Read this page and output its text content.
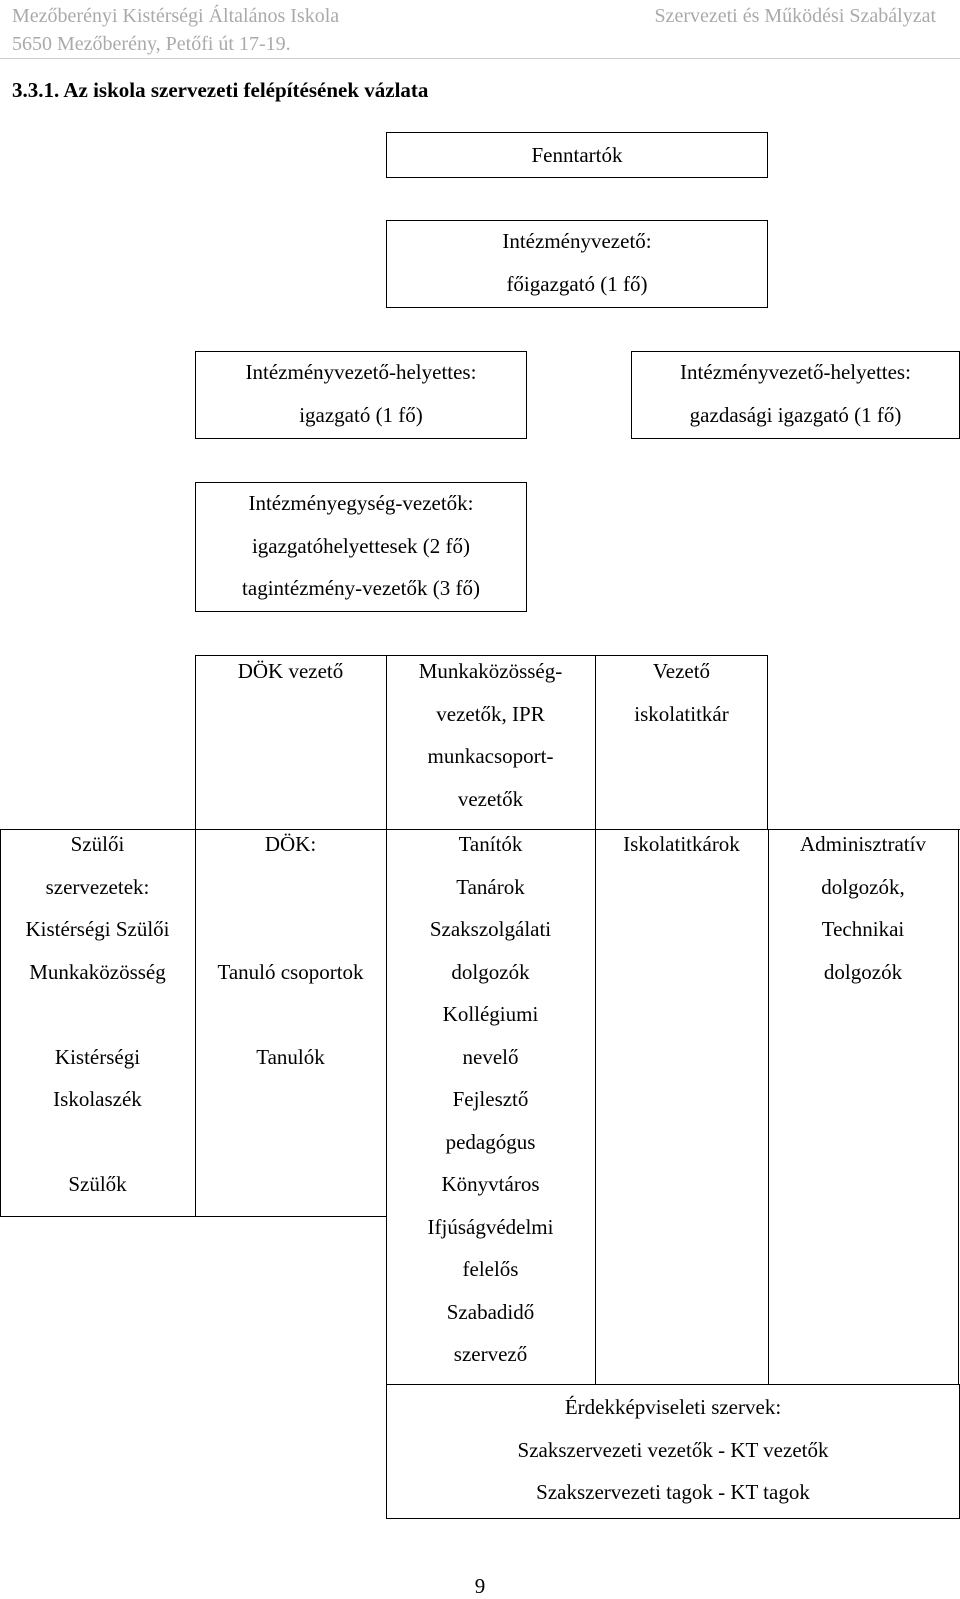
Mezőberényi Kistérségi Általános Iskola
5650 Mezőberény, Petőfi út 17-19.
Szervezeti és Működési Szabályzat
3.3.1. Az iskola szervezeti felépítésének vázlata
Fenntartók
Intézményvezető:
főigazgató (1 fő)
Intézményvezető-helyettes:
igazgató (1 fő)
Intézményvezető-helyettes:
gazdasági igazgató (1 fő)
Intézményegység-vezetők:
igazgatóhelyettesek (2 fő)
tagintézmény-vezetők (3 fő)
DÖK vezető	Munkaközösség-
vezetők, IPR
munkacsoport-
vezetők
Vezető
iskolatitkár
Szülői
szervezetek:
Kistérségi Szülői
Munkaközösség

Kistérségi
Iskolaszék

Szülők
DÖK:

Tanuló csoportok

Tanulók
Tanítók
Tanárok
Szakszolgálati
dolgozók
Kollégiumi
nevelő
Fejlesztő
pedagógus
Könyvtáros
Ifjúságvédelmi
felelős
Szabadidő
szervező
Iskolatitkárok	Adminisztratív
dolgozók,
Technikai
dolgozók
Érdekképviseleti szervek:
Szakszervezeti vezetők - KT vezetők
Szakszervezeti tagok - KT tagok
9
